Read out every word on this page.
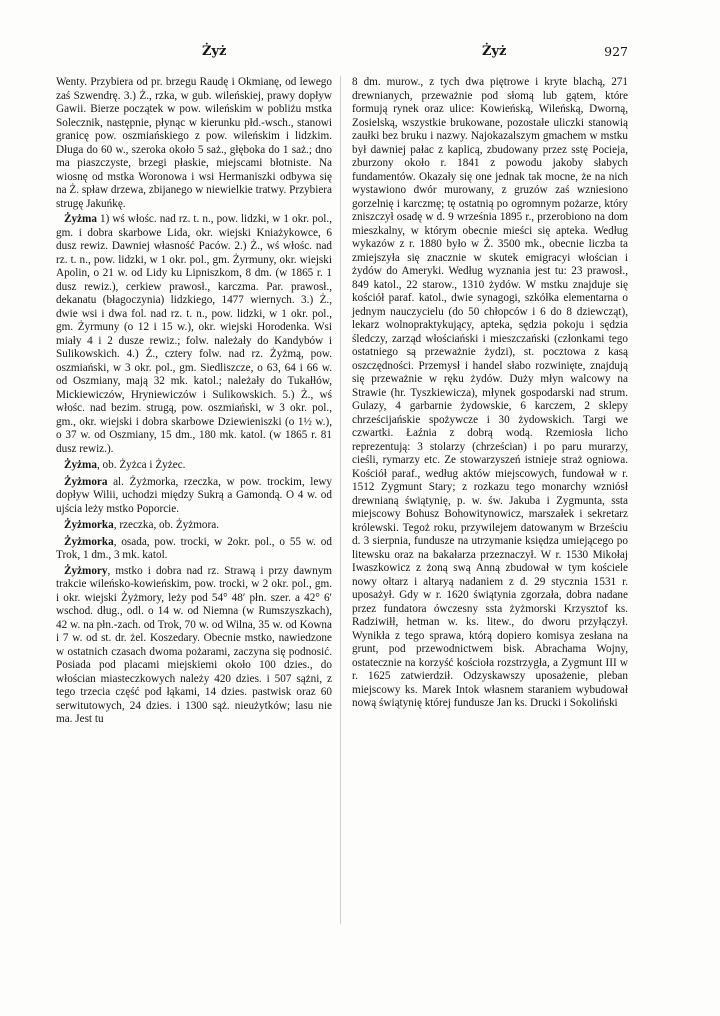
Żyż	Żyż	927

Wenty. Przybiera od pr. brzegu Raudę i Okmianę, od lewego zaś Szwendrę. 3.) Ż., rzka, w gub. wileńskiej, prawy dopływ Gawii. Bierze początek w pow. wileńskim w pobliżu mstka Solecznik, następnie, płynąc w kierunku płd.-wsch., stanowi granicę pow. oszmiańskiego z pow. wileńskim i lidzkim. Długa do 60 w., szeroka około 5 saż., głęboka do 1 saż.; dno ma piaszczyste, brzegi płaskie, miejscami błotniste. Na wiosnę od mstka Woronowa i wsi Hermaniszki odbywa się na Ż. spław drzewa, zbijanego w niewielkie tratwy. Przybiera strugę Jakuńkę.

Żyżma 1) wś włośc. nad rz. t. n., pow. lidzki, w 1 okr. pol., gm. i dobra skarbowe Lida, okr. wiejski Kniażykowce, 6 dusz rewiz. Dawniej własność Paców. 2.) Ż., wś włośc. nad rz. t. n., pow. lidzki, w 1 okr. pol., gm. Żyrmuny, okr. wiejski Apolin, o 21 w. od Lidy ku Lipniszkom, 8 dm. (w 1865 r. 1 dusz rewiz.), cerkiew prawosł., karczma. Par. prawosł., dekanatu (błagoczynia) lidzkiego, 1477 wiernych. 3.) Ż., dwie wsi i dwa fol. nad rz. t. n., pow. lidzki, w 1 okr. pol., gm. Żyrmuny (o 12 i 15 w.), okr. wiejski Horodenka. Wsi miały 4 i 2 dusze rewiz.; folw. należały do Kandybów i Sulikowskich. 4.) Ż., cztery folw. nad rz. Żyżmą, pow. oszmiański, w 3 okr. pol., gm. Siedliszcze, o 63, 64 i 66 w. od Oszmiany, mają 32 mk. katol.; należały do Tukałłów, Mickiewiczów, Hryniewiczów i Sulikowskich. 5.) Ż., wś włośc. nad bezim. strugą, pow. oszmiański, w 3 okr. pol., gm., okr. wiejski i dobra skarbowe Dziewieniszki (o 1½ w.), o 37 w. od Oszmiany, 15 dm., 180 mk. katol. (w 1865 r. 81 dusz rewiz.).

Żyżma, ob. Żyżca i Żyżec.

Żyżmora al. Żyżmorka, rzeczka, w pow. trockim, lewy dopływ Wilii, uchodzi między Sukrą a Gamondą. O 4 w. od ujścia leży mstko Poporcie.

Żyżmorka, rzeczka, ob. Żyżmora.

Żyżmorka, osada, pow. trocki, w 2okr. pol., o 55 w. od Trok, 1 dm., 3 mk. katol.

Żyżmory, mstko i dobra nad rz. Strawą i przy dawnym trakcie wileńsko-kowieńskim, pow. trocki, w 2 okr. pol., gm. i okr. wiejski Żyżmory, leży pod 54° 48′ płn. szer. a 42° 6′ wschod. dług., odl. o 14 w. od Niemna (w Rumszyszkach), 42 w. na płn.-zach. od Trok, 70 w. od Wilna, 35 w. od Kowna i 7 w. od st. dr. żel. Koszedary. Obecnie mstko, nawiedzone w ostatnich czasach dwoma pożarami, zaczyna się podnosić. Posiada pod placami miejskiemi około 100 dzies., do włościan miasteczkowych należy 420 dzies. i 507 sążni, z tego trzecia część pod łąkami, 14 dzies. pastwisk oraz 60 serwitutowych, 24 dzies. i 1300 sąż. nieużytków; lasu nie ma. Jest tu

8 dm. murow., z tych dwa piętrowe i kryte blachą, 271 drewnianych, przeważnie pod słomą lub gątem, które formują rynek oraz ulice: Kowieńską, Wileńską, Dworną, Zosielską, wszystkie brukowane, pozostałe uliczki stanowią zaułki bez bruku i nazwy. Najokazalszym gmachem w mstku był dawniej pałac z kaplicą, zbudowany przez sstę Pocieja, zburzony około r. 1841 z powodu jakoby słabych fundamentów. Okazały się one jednak tak mocne, że na nich wystawiono dwór murowany, z gruzów zaś wzniesiono gorzelnię i karczmę; tę ostatnią po ogromnym pożarze, który zniszczył osadę w d. 9 września 1895 r., przerobiono na dom mieszkalny, w którym obecnie mieści się apteka. Według wykazów z r. 1880 było w Ż. 3500 mk., obecnie liczba ta zmiejszyła się znacznie w skutek emigracyi włościan i żydów do Ameryki. Według wyznania jest tu: 23 prawosł., 849 katol., 22 starow., 1310 żydów. W mstku znajduje się kościół paraf. katol., dwie synagogi, szkółka elementarna o jednym nauczycielu (do 50 chłopców i 6 do 8 dziewcząt), lekarz wolnopraktykujący, apteka, sędzia pokoju i sędzia śledczy, zarząd włościański i mieszczański (członkami tego ostatniego są przeważnie żydzi), st. pocztowa z kasą oszczędności. Przemysł i handel słabo rozwinięte, znajdują się przeważnie w ręku żydów. Duży młyn walcowy na Strawie (hr. Tyszkiewicza), młynek gospodarski nad strum. Gulazy, 4 garbarnie żydowskie, 6 karczem, 2 sklepy chrześcijańskie spożywcze i 30 żydowskich. Targi we czwartki. Łaźnia z dobrą wodą. Rzemiosła licho reprezentują: 3 stolarzy (chrześcian) i po paru murarzy, cieśli, rymarzy etc. Ze stowarzyszeń istnieje straż ogniowa. Kościół paraf., według aktów miejscowych, fundował w r. 1512 Zygmunt Stary; z rozkazu tego monarchy wzniósł drewnianą świątynię, p. w. św. Jakuba i Zygmunta, ssta miejscowy Bohusz Bohowitynowicz, marszałek i sekretarz królewski. Tegoż roku, przywilejem datowanym w Brześciu d. 3 sierpnia, fundusze na utrzymanie księdza umiejącego po litewsku oraz na bakałarza przeznaczył. W r. 1530 Mikołaj Iwaszkowicz z żoną swą Anną zbudował w tym kościele nowy ołtarz i altaryą nadaniem z d. 29 stycznia 1531 r. uposażył. Gdy w r. 1620 świątynia zgorzała, dobra nadane przez fundatora ówczesny ssta żyżmorski Krzysztof ks. Radziwiłł, hetman w. ks. litew., do dworu przyłączył. Wynikła z tego sprawa, którą dopiero komisya zesłana na grunt, pod przewodnictwem bisk. Abrachama Wojny, ostatecznie na korzyść kościoła rozstrzygła, a Zygmunt III w r. 1625 zatwierdził. Odzyskawszy uposażenie, pleban miejscowy ks. Marek Intok własnem staraniem wybudował nową świątynię której fundusze Jan ks. Drucki i Sokoliński
